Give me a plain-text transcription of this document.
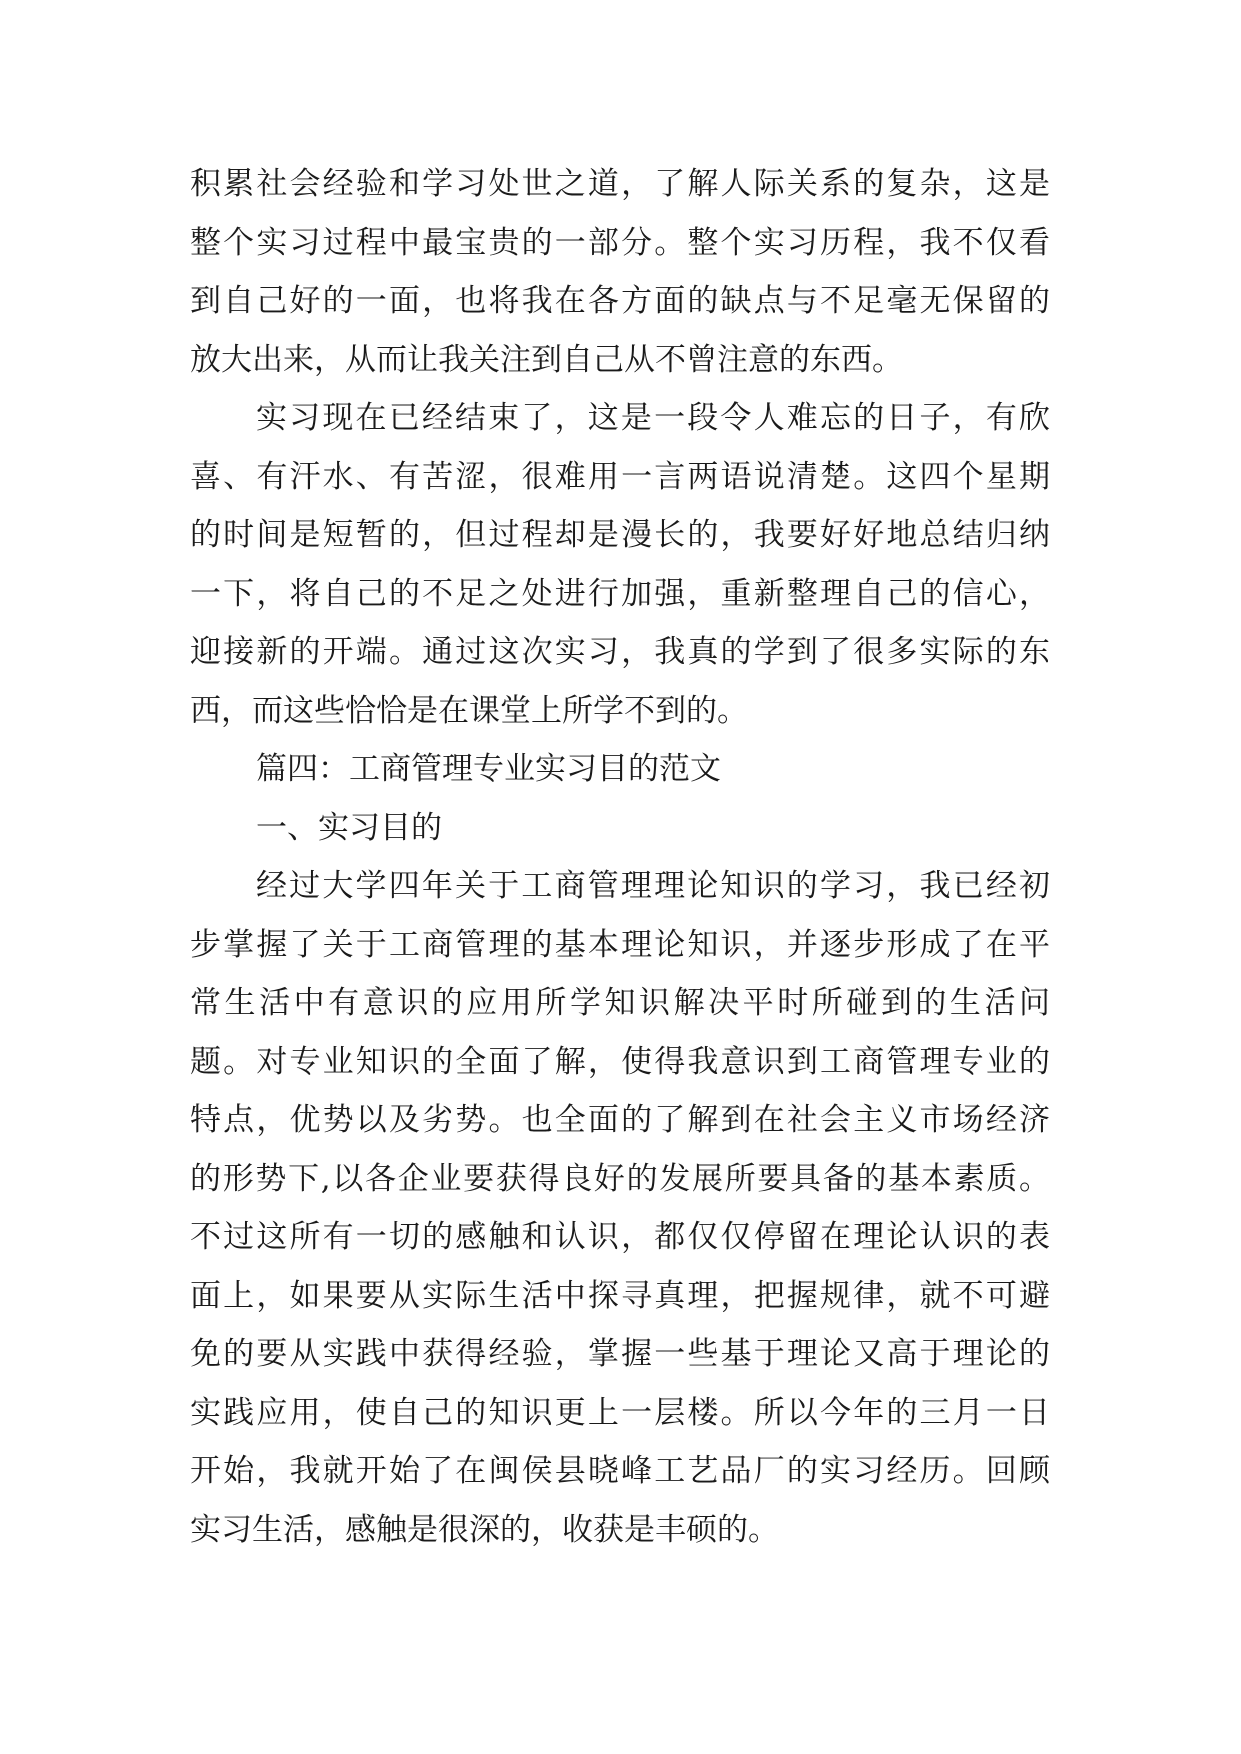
积累社会经验和学习处世之道，了解人际关系的复杂，这是
整个实习过程中最宝贵的一部分。整个实习历程，我不仅看
到自己好的一面，也将我在各方面的缺点与不足毫无保留的
放大出来，从而让我关注到自己从不曾注意的东西。
实习现在已经结束了，这是一段令人难忘的日子，有欣
喜、有汗水、有苦涩，很难用一言两语说清楚。这四个星期
的时间是短暂的，但过程却是漫长的，我要好好地总结归纳
一下，将自己的不足之处进行加强，重新整理自己的信心，
迎接新的开端。通过这次实习，我真的学到了很多实际的东
西，而这些恰恰是在课堂上所学不到的。
篇四：工商管理专业实习目的范文
一、实习目的
经过大学四年关于工商管理理论知识的学习，我已经初
步掌握了关于工商管理的基本理论知识，并逐步形成了在平
常生活中有意识的应用所学知识解决平时所碰到的生活问
题。对专业知识的全面了解，使得我意识到工商管理专业的
特点，优势以及劣势。也全面的了解到在社会主义市场经济
的形势下,以各企业要获得良好的发展所要具备的基本素质。
不过这所有一切的感触和认识，都仅仅停留在理论认识的表
面上，如果要从实际生活中探寻真理，把握规律，就不可避
免的要从实践中获得经验，掌握一些基于理论又高于理论的
实践应用，使自己的知识更上一层楼。所以今年的三月一日
开始，我就开始了在闽侯县晓峰工艺品厂的实习经历。回顾
实习生活，感触是很深的，收获是丰硕的。
